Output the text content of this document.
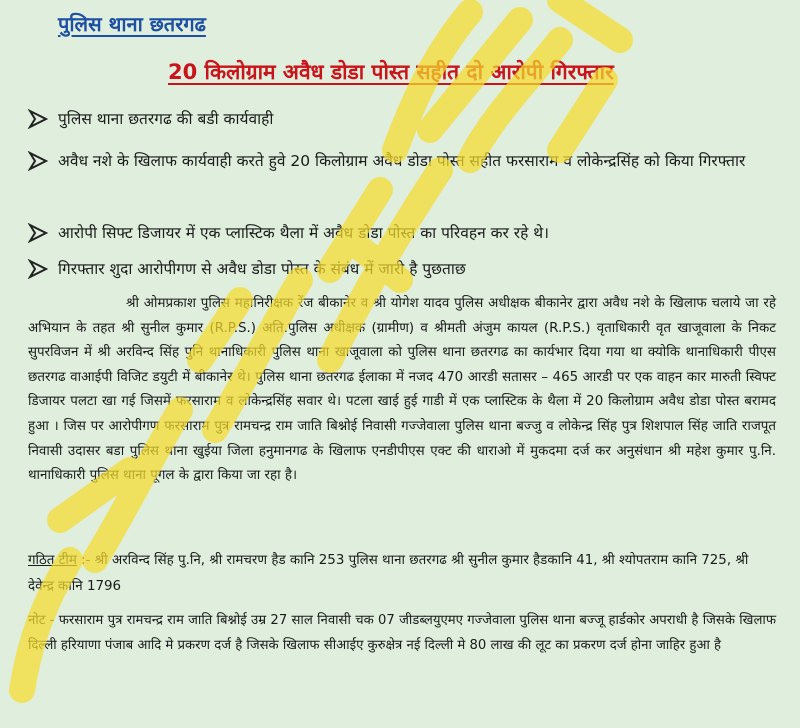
पुलिस थाना छतरगढ
20 किलोग्राम अवैध डोडा पोस्त सहीत दो आरोपी गिरफ्तार
पुलिस थाना छतरगढ की बडी कार्यवाही
अवैध नशे के खिलाफ कार्यवाही करते हुवे 20 किलोग्राम अवैध डोडा पोस्त सहीत फरसाराम व लोकेन्द्रसिंह को किया गिरफ्तार
आरोपी सिफ्ट डिजायर में एक प्लास्टिक थैला में अवैध डोडा पोस्त का परिवहन कर रहे थे।
गिरफ्तार शुदा आरोपीगण से अवैध डोडा पोस्त के संबंध में जारी है पुछताछ
श्री ओमप्रकाश पुलिस महानिरीक्षक रेंज बीकानेर व श्री योगेश यादव पुलिस अधीक्षक बीकानेर द्वारा अवैध नशे के खिलाफ चलाये जा रहे अभियान के तहत श्री सुनील कुमार (R.P.S.) अति.पुलिस अधीक्षक (ग्रामीण) व श्रीमती अंजुम कायल (R.P.S.) वृताधिकारी वृत खाजूवाला के निकट सुपरविजन में श्री अरविन्द सिंह पुनि थानाधिकारी पुलिस थाना खाजूवाला को पुलिस थाना छतरगढ का कार्यभार दिया गया था क्योकि थानाधिकारी पीएस छतरगढ वाआईपी विजिट डयुटी में बीकानेर थे। पुलिस थाना छतरगढ ईलाका में नजद 470 आरडी सतासर – 465 आरडी पर एक वाहन कार मारुती स्विफ्ट डिजायर पलटा खा गई जिसमें फरसाराम व लोकेन्द्रसिंह सवार थे। पटला खाई हुई गाडी में एक प्लास्टिक के थैला में 20 किलोग्राम अवैध डोडा पोस्त बरामद हुआ । जिस पर आरोपीगण फरसाराम पुत्र रामचन्द्र राम जाति बिश्नोई निवासी गज्जेवाला पुलिस थाना बज्जु व लोकेन्द्र सिंह पुत्र शिशपाल सिंह जाति राजपूत निवासी उदासर बडा पुलिस थाना खुईया जिला हनुमानगढ के खिलाफ एनडीपीएस एक्ट की धाराओ में मुकदमा दर्ज कर अनुसंधान श्री महेश कुमार पु.नि. थानाधिकारी पुलिस थाना पूगल के द्वारा किया जा रहा है।
गठित टीम :- श्री अरविन्द सिंह पु.नि, श्री रामचरण हैड कानि 253 पुलिस थाना छतरगढ श्री सुनील कुमार हैडकानि 41, श्री श्योपतराम कानि 725, श्री देवेन्द्र कानि 1796
नोट - फरसाराम पुत्र रामचन्द्र राम जाति बिश्नोई उम्र 27 साल निवासी चक 07 जीडब्लयुएमए गज्जेवाला पुलिस थाना बज्जू हार्डकोर अपराधी है जिसके खिलाफ दिल्ली हरियाणा पंजाब आदि मे प्रकरण दर्ज है जिसके खिलाफ सीआईए कुरुक्षेत्र नई दिल्ली मे 80 लाख की लूट का प्रकरण दर्ज होना जाहिर हुआ है
